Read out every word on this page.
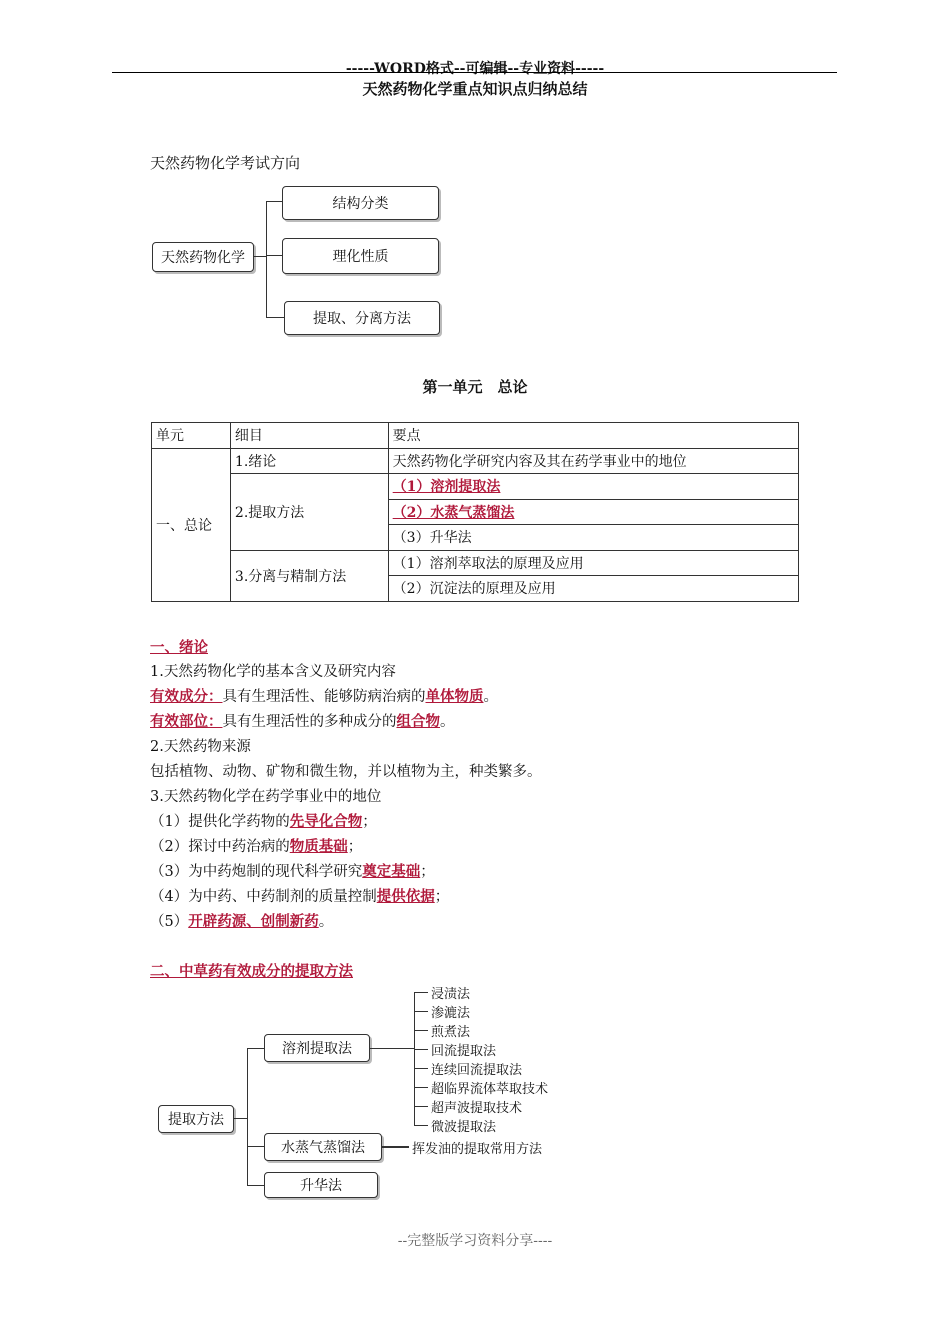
-----WORD格式--可编辑--专业资料-----
天然药物化学重点知识点归纳总结
天然药物化学考试方向
天然药物化学
结构分类
理化性质
提取、分离方法
第一单元　总论
单元	细目	要点
一、总论	1.绪论	天然药物化学研究内容及其在药学事业中的地位
	2.提取方法	（1）溶剂提取法
		（2）水蒸气蒸馏法
		（3）升华法
	3.分离与精制方法	（1）溶剂萃取法的原理及应用
		（2）沉淀法的原理及应用
一、绪论
1.天然药物化学的基本含义及研究内容
有效成分：具有生理活性、能够防病治病的单体物质。
有效部位：具有生理活性的多种成分的组合物。
2.天然药物来源
包括植物、动物、矿物和微生物，并以植物为主，种类繁多。
3.天然药物化学在药学事业中的地位
（1）提供化学药物的先导化合物；
（2）探讨中药治病的物质基础；
（3）为中药炮制的现代科学研究奠定基础；
（4）为中药、中药制剂的质量控制提供依据；
（5）开辟药源、创制新药。
二、中草药有效成分的提取方法
提取方法
溶剂提取法
水蒸气蒸馏法
升华法
浸渍法
渗漉法
煎煮法
回流提取法
连续回流提取法
超临界流体萃取技术
超声波提取技术
微波提取法
挥发油的提取常用方法
--完整版学习资料分享----
